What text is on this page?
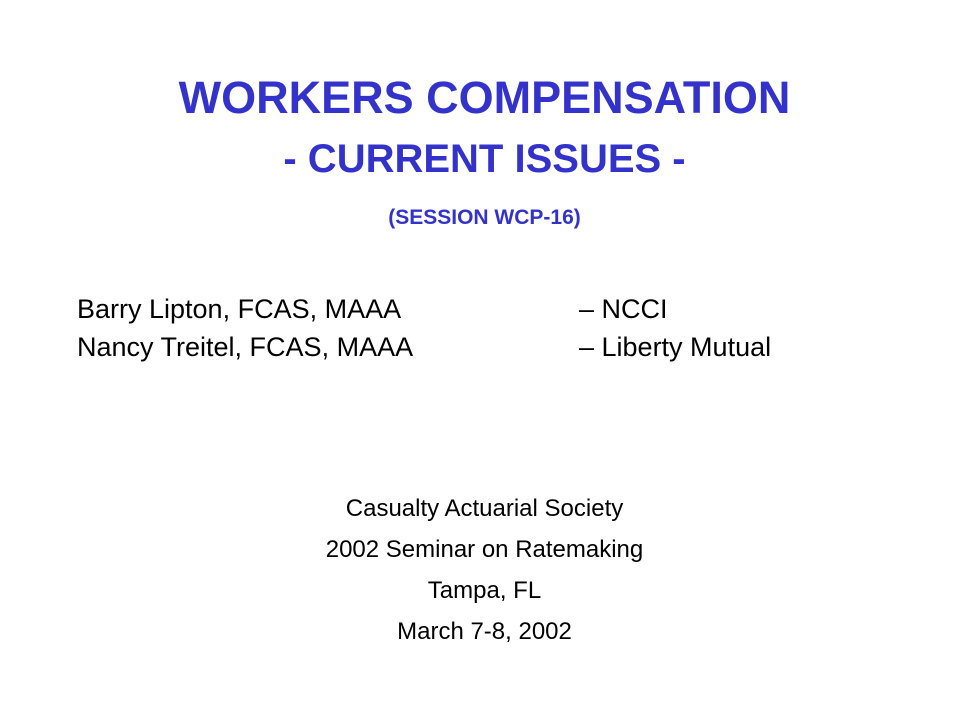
WORKERS COMPENSATION
- CURRENT ISSUES -
(SESSION WCP-16)
Barry Lipton, FCAS, MAAA	– NCCI
Nancy Treitel, FCAS, MAAA	– Liberty Mutual
Casualty Actuarial Society
2002 Seminar on Ratemaking
Tampa, FL
March 7-8, 2002
